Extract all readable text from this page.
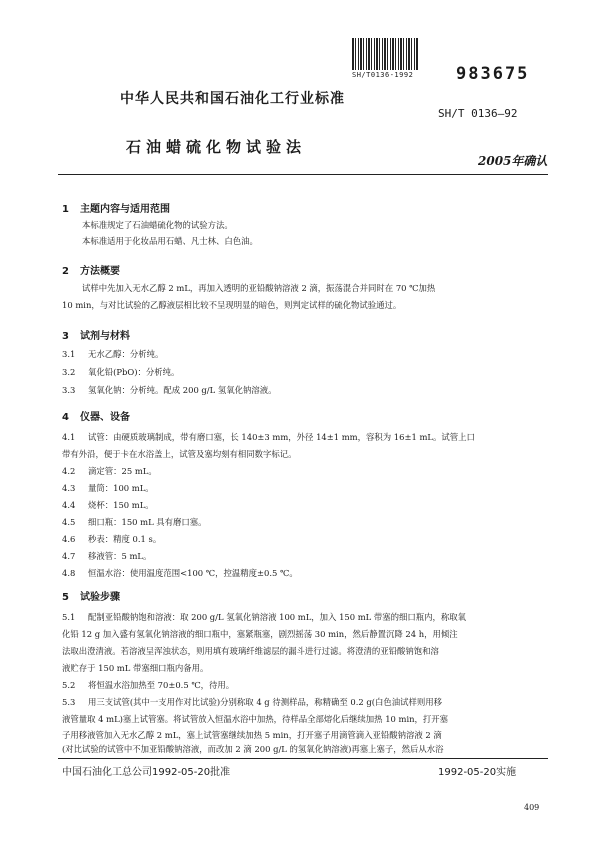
SH/T0136-1992	983675
中华人民共和国石油化工行业标准
SH/T 0136—92
石油蜡硫化物试验法
2005年确认
1 主题内容与适用范围
本标准规定了石油蜡硫化物的试验方法。
本标准适用于化妆品用石蜡、凡士林、白色油。
2 方法概要
试样中先加入无水乙醇 2 mL，再加入透明的亚铅酸钠溶液 2 滴，振荡混合并同时在 70 ℃加热
10 min，与对比试验的乙醇液层相比较不呈现明显的暗色，则判定试样的硫化物试验通过。
3 试剂与材料
3.1 无水乙醇：分析纯。
3.2 氧化铅(PbO)：分析纯。
3.3 氢氧化钠：分析纯。配成 200 g/L 氢氧化钠溶液。
4 仪器、设备
4.1 试管：由硬质玻璃制成，带有磨口塞，长 140±3 mm，外径 14±1 mm，容积为 16±1 mL。试管上口
带有外沿，便于卡在水浴盖上，试管及塞均刻有相同数字标记。
4.2 滴定管：25 mL。
4.3 量筒：100 mL。
4.4 烧杯：150 mL。
4.5 细口瓶：150 mL 具有磨口塞。
4.6 秒表：精度 0.1 s。
4.7 移液管：5 mL。
4.8 恒温水浴：使用温度范围<100 ℃，控温精度±0.5 ℃。
5 试验步骤
5.1 配制亚铅酸钠饱和溶液：取 200 g/L 氢氧化钠溶液 100 mL，加入 150 mL 带塞的细口瓶内，称取氧
化铅 12 g 加入盛有氢氧化钠溶液的细口瓶中，塞紧瓶塞，剧烈摇荡 30 min，然后静置沉降 24 h，用倾注
法取出澄清液。若溶液呈浑浊状态，则用填有玻璃纤维滤层的漏斗进行过滤。将澄清的亚铅酸钠饱和溶
液贮存于 150 mL 带塞细口瓶内备用。
5.2 将恒温水浴加热至 70±0.5 ℃，待用。
5.3 用三支试管(其中一支用作对比试验)分别称取 4 g 待测样品，称精确至 0.2 g(白色油试样则用移
液管量取 4 mL)塞上试管塞。将试管放入恒温水浴中加热，待样品全部熔化后继续加热 10 min，打开塞
子用移液管加入无水乙醇 2 mL，塞上试管塞继续加热 5 min，打开塞子用滴管滴入亚铅酸钠溶液 2 滴
(对比试验的试管中不加亚铅酸钠溶液，而改加 2 滴 200 g/L 的氢氧化钠溶液)再塞上塞子，然后从水浴
中国石油化工总公司1992-05-20批准	1992-05-20实施
409
